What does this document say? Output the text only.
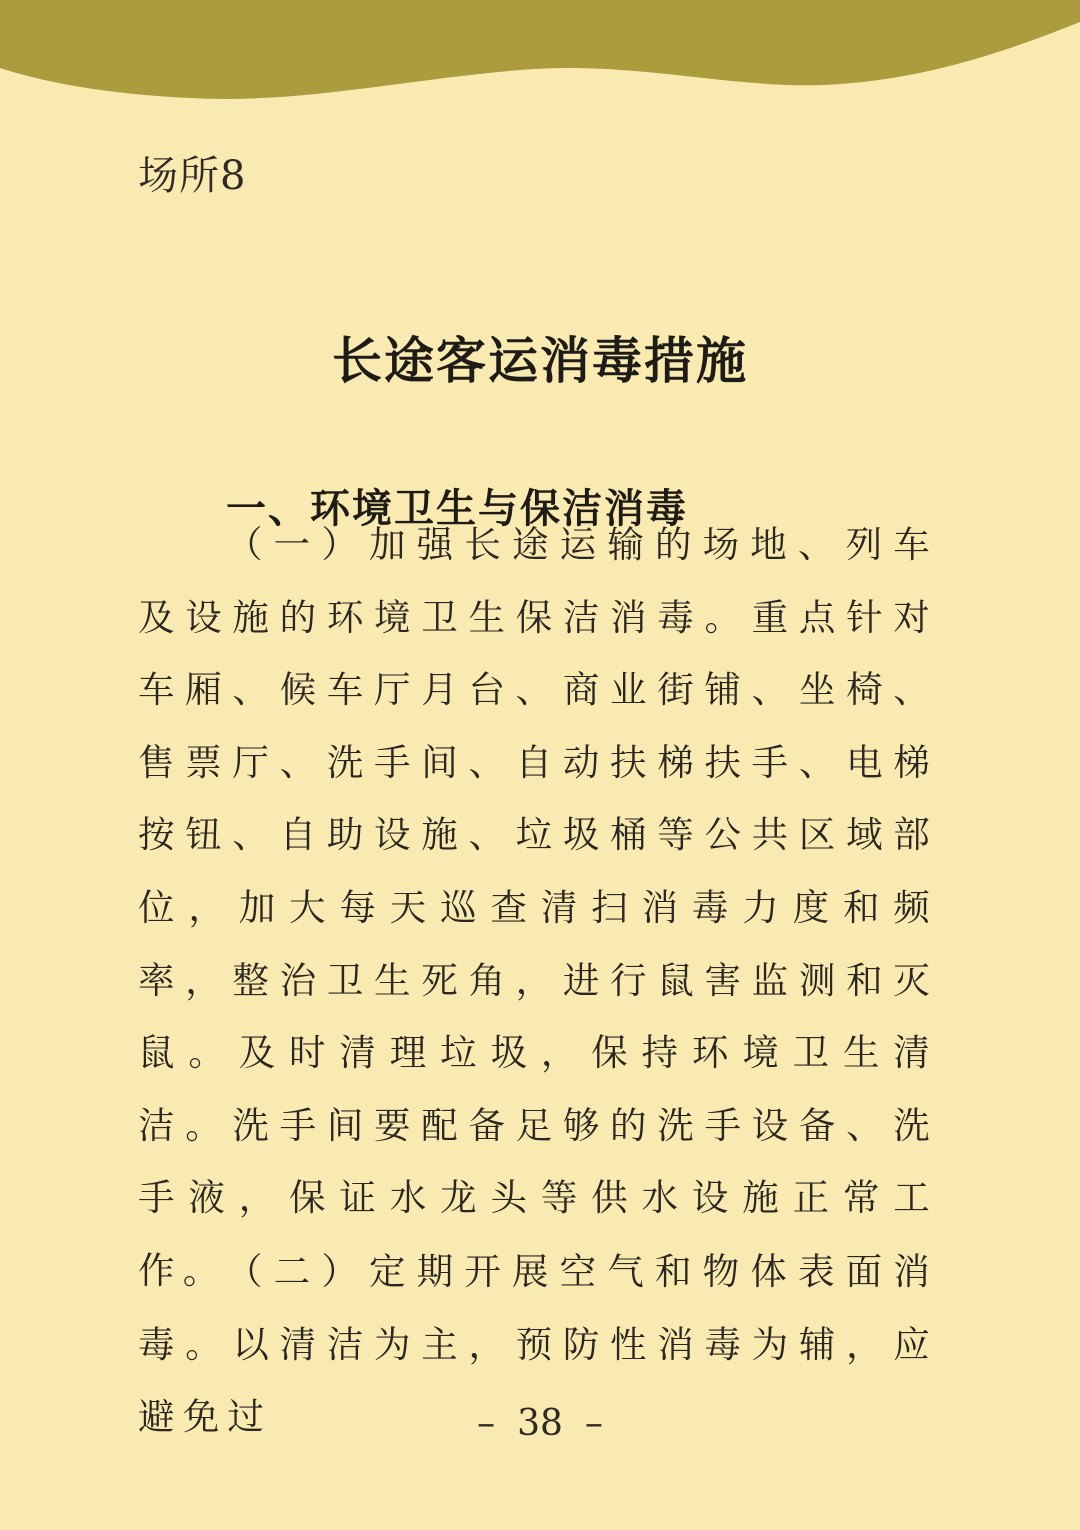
场所8
长途客运消毒措施
一、环境卫生与保洁消毒

（一）加强长途运输的场地、列车及设施的环境卫生保洁消毒。重点针对车厢、候车厅月台、商业街铺、坐椅、售票厅、洗手间、自动扶梯扶手、电梯按钮、自助设施、垃圾桶等公共区域部位，加大每天巡查清扫消毒力度和频率，整治卫生死角，进行鼠害监测和灭鼠。及时清理垃圾，保持环境卫生清洁。洗手间要配备足够的洗手设备、洗手液，保证水龙头等供水设施正常工作。

（二）定期开展空气和物体表面消毒。以清洁为主，预防性消毒为辅，应避免过	– 38 –
